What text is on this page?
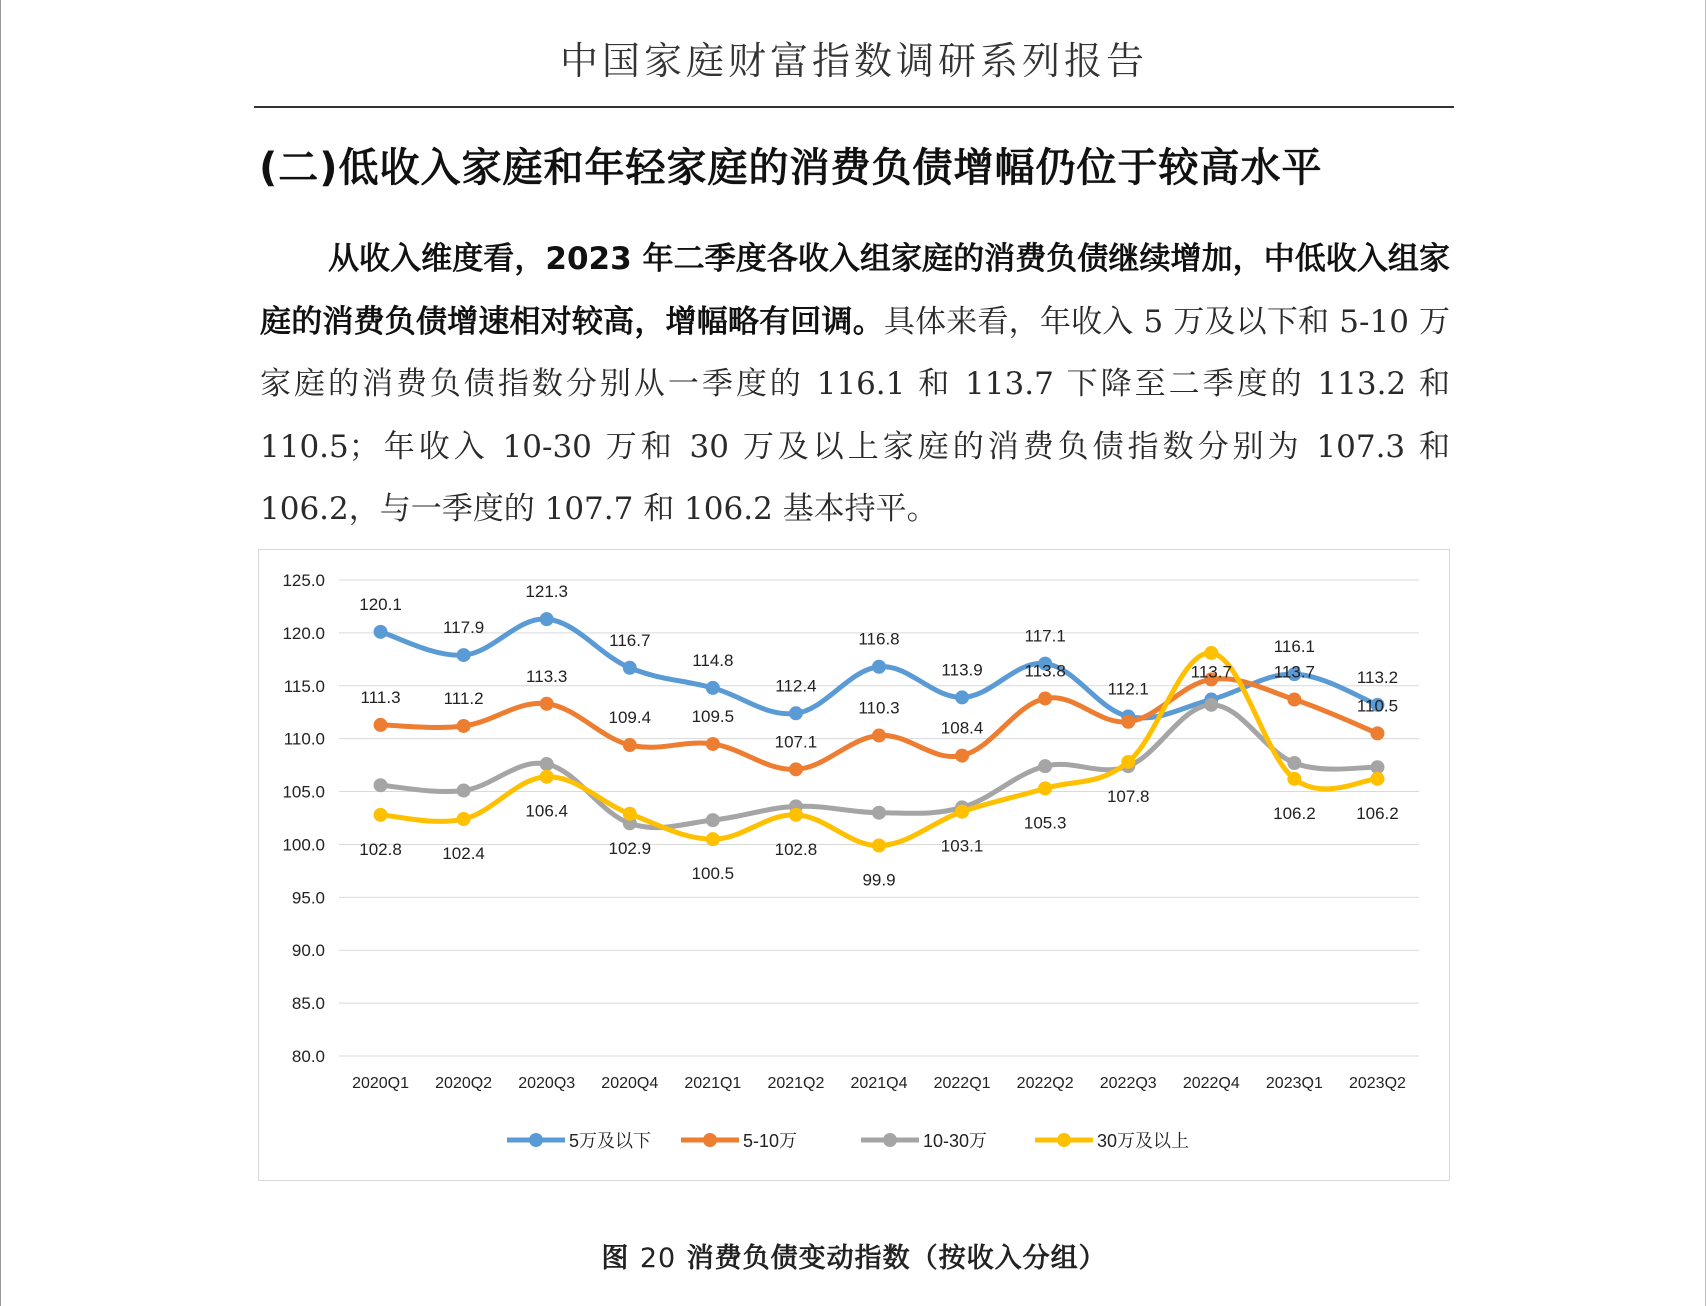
中国家庭财富指数调研系列报告
(二)低收入家庭和年轻家庭的消费负债增幅仍位于较高水平
从收入维度看，2023 年二季度各收入组家庭的消费负债继续增加，中低收入组家庭的消费负债增速相对较高，增幅略有回调。具体来看，年收入 5 万及以下和 5-10 万家庭的消费负债指数分别从一季度的 116.1 和 113.7 下降至二季度的 113.2 和 110.5；年收入 10-30 万和 30 万及以上家庭的消费负债指数分别为 107.3 和 106.2，与一季度的 107.7 和 106.2 基本持平。
125.0
120.0
115.0
110.0
105.0
100.0
95.0
90.0
85.0
80.0
2020Q1 2020Q2 2020Q3 2020Q4 2021Q1 2021Q2 2021Q4 2022Q1 2022Q2 2022Q3 2022Q4 2023Q1 2023Q2
120.1
117.9
121.3
116.7
114.8
112.4
116.8
113.9
117.1
112.1
113.7
116.1
113.2
111.3	111.2
113.3
109.4 109.5
107.1
110.3
108.4
113.8	113.7
110.5
102.8 102.4
106.4
102.9
100.5
102.8
99.9
103.1
105.3
107.8
106.2 106.2
5万及以下	5-10万	10-30万	30万及以上
图 20 消费负债变动指数（按收入分组）
